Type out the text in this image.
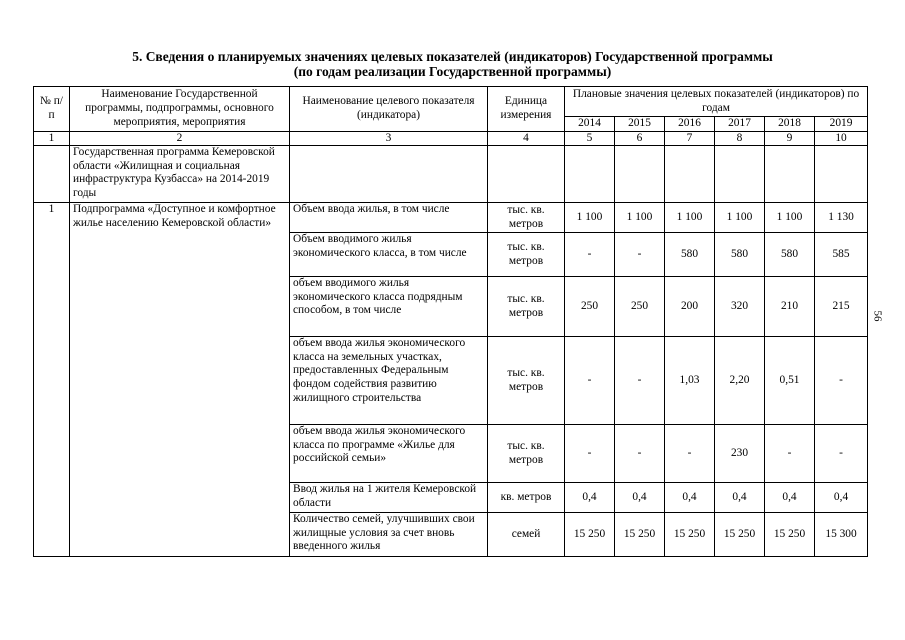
5. Сведения о планируемых значениях целевых показателей (индикаторов) Государственной программы
(по годам реализации Государственной программы)
№ п/п	Наименование Государственной программы, подпрограммы, основного мероприятия, мероприятия	Наименование целевого показателя (индикатора)	Единица измерения	Плановые значения целевых показателей (индикаторов) по годам					
				2014	2015	2016	2017	2018	2019
1	2	3	4	5	6	7	8	9	10
	Государственная программа Кемеровской области «Жилищная и социальная инфраструктура Кузбасса» на 2014-2019 годы								
1	Подпрограмма «Доступное и комфортное жилье населению Кемеровской области»	Объем ввода жилья, в том числе	тыс. кв. метров	1 100	1 100	1 100	1 100	1 100	1 130
		Объем вводимого жилья экономического класса, в том числе	тыс. кв. метров	-	-	580	580	580	585
		объем вводимого жилья экономического класса подрядным способом, в том числе	тыс. кв. метров	250	250	200	320	210	215
		объем ввода жилья экономического класса на земельных участках, предоставленных Федеральным фондом содействия развитию жилищного строительства	тыс. кв. метров	-	-	1,03	2,20	0,51	-
		объем ввода жилья экономического класса по программе «Жилье для российской семьи»	тыс. кв. метров	-	-	-	230	-	-
		Ввод жилья на 1 жителя Кемеровской области	кв. метров	0,4	0,4	0,4	0,4	0,4	0,4
		Количество семей, улучшивших свои жилищные условия за счет вновь введенного жилья	семей	15 250	15 250	15 250	15 250	15 250	15 300
56
